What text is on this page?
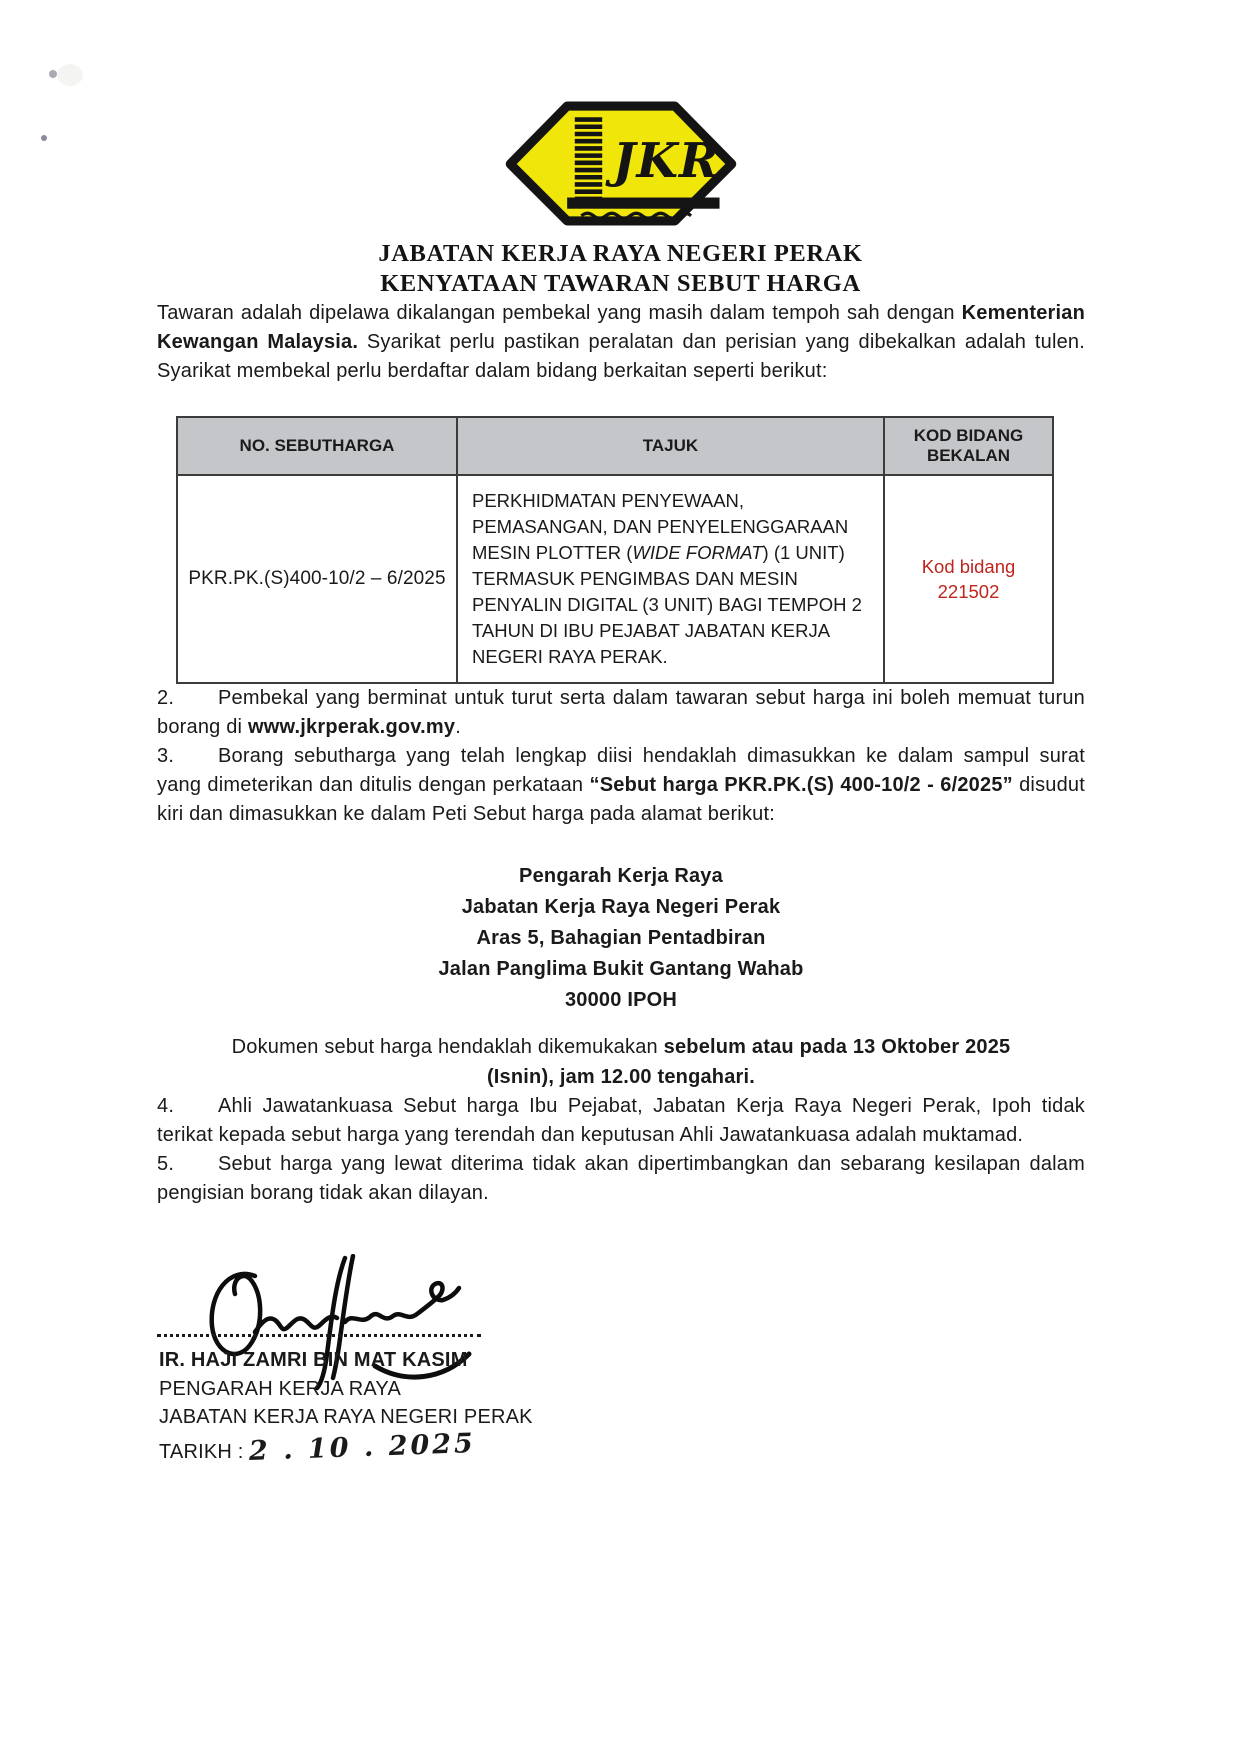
JKR
JABATAN KERJA RAYA NEGERI PERAK
KENYATAAN TAWARAN SEBUT HARGA

Tawaran adalah dipelawa dikalangan pembekal yang masih dalam tempoh sah dengan Kementerian Kewangan Malaysia. Syarikat perlu pastikan peralatan dan perisian yang dibekalkan adalah tulen. Syarikat membekal perlu berdaftar dalam bidang berkaitan seperti berikut:

NO. SEBUTHARGA	TAJUK	KOD BIDANG BEKALAN
PKR.PK.(S)400-10/2 – 6/2025	PERKHIDMATAN PENYEWAAN, PEMASANGAN, DAN PENYELENGGARAAN MESIN PLOTTER (WIDE FORMAT) (1 UNIT) TERMASUK PENGIMBAS DAN MESIN PENYALIN DIGITAL (3 UNIT) BAGI TEMPOH 2 TAHUN DI IBU PEJABAT JABATAN KERJA NEGERI RAYA PERAK.	Kod bidang
221502

2. Pembekal yang berminat untuk turut serta dalam tawaran sebut harga ini boleh memuat turun borang di www.jkrperak.gov.my.

3. Borang sebutharga yang telah lengkap diisi hendaklah dimasukkan ke dalam sampul surat yang dimeterikan dan ditulis dengan perkataan “Sebut harga PKR.PK.(S) 400-10/2 - 6/2025” disudut kiri dan dimasukkan ke dalam Peti Sebut harga pada alamat berikut:

Pengarah Kerja Raya
Jabatan Kerja Raya Negeri Perak
Aras 5, Bahagian Pentadbiran
Jalan Panglima Bukit Gantang Wahab
30000 IPOH
Dokumen sebut harga hendaklah dikemukakan sebelum atau pada 13 Oktober 2025
(Isnin), jam 12.00 tengahari.

4. Ahli Jawatankuasa Sebut harga Ibu Pejabat, Jabatan Kerja Raya Negeri Perak, Ipoh tidak terikat kepada sebut harga yang terendah dan keputusan Ahli Jawatankuasa adalah muktamad.

5. Sebut harga yang lewat diterima tidak akan dipertimbangkan dan sebarang kesilapan dalam pengisian borang tidak akan dilayan.

IR. HAJI ZAMRI BIN MAT KASIM
PENGARAH KERJA RAYA
JABATAN KERJA RAYA NEGERI PERAK
TARIKH : 2 . 10 . 2025
